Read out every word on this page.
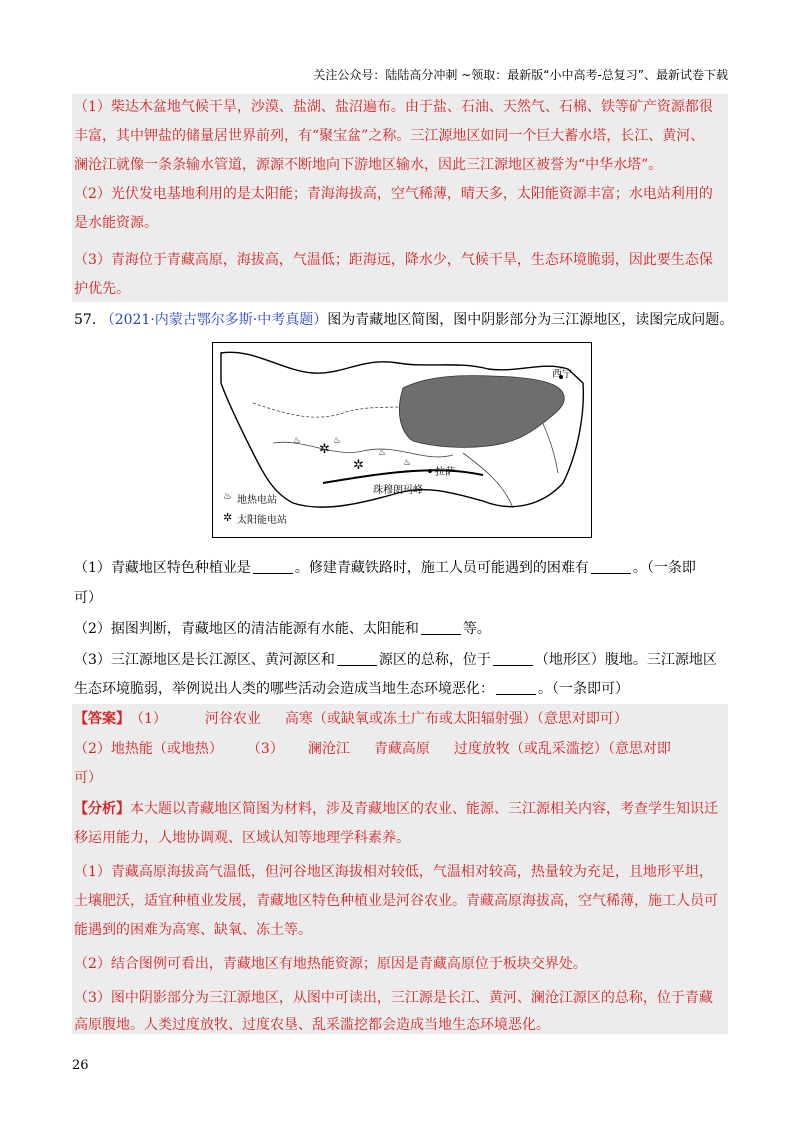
关注公众号：陆陆高分冲刺 ~领取：最新版“小中高考-总复习”、最新试卷下载
（1）柴达木盆地气候干旱，沙漠、盐湖、盐沼遍布。由于盐、石油、天然气、石棉、铁等矿产资源都很
丰富，其中钾盐的储量居世界前列，有“聚宝盆”之称。三江源地区如同一个巨大蓄水塔，长江、黄河、
澜沧江就像一条条输水管道，源源不断地向下游地区输水，因此三江源地区被誉为“中华水塔”。
（2）光伏发电基地利用的是太阳能；青海海拔高，空气稀薄，晴天多，太阳能资源丰富；水电站利用的
是水能资源。
（3）青海位于青藏高原，海拔高，气温低；距海远，降水少，气候干旱，生态环境脆弱，因此要生态保
护优先。
57. （2021·内蒙古鄂尔多斯·中考真题）图为青藏地区简图，图中阴影部分为三江源地区，读图完成问题。
✲
✲
♨	♨
♨
♨
西宁
拉萨
珠穆朗玛峰
♨ 地热电站
✲ 太阳能电站
（1）青藏地区特色种植业是	。修建青藏铁路时，施工人员可能遇到的困难有	。（一条即
可）
（2）据图判断，青藏地区的清洁能源有水能、太阳能和	等。
（3）三江源地区是长江源区、黄河源区和	源区的总称，位于	（地形区）腹地。三江源地区
生态环境脆弱，举例说出人类的哪些活动会造成当地生态环境恶化：	。（一条即可）
【答案】（1）	河谷农业 高寒（或缺氧或冻土广布或太阳辐射强）（意思对即可）
（2）地热能（或地热） （3） 澜沧江 青藏高原 过度放牧（或乱采滥挖）（意思对即
可）
【分析】本大题以青藏地区简图为材料，涉及青藏地区的农业、能源、三江源相关内容，考查学生知识迁
移运用能力，人地协调观、区域认知等地理学科素养。
（1）青藏高原海拔高气温低，但河谷地区海拔相对较低，气温相对较高，热量较为充足，且地形平坦，
土壤肥沃，适宜种植业发展，青藏地区特色种植业是河谷农业。青藏高原海拔高，空气稀薄，施工人员可
能遇到的困难为高寒、缺氧、冻土等。
（2）结合图例可看出，青藏地区有地热能资源；原因是青藏高原位于板块交界处。
（3）图中阴影部分为三江源地区，从图中可读出，三江源是长江、黄河、澜沧江源区的总称，位于青藏
高原腹地。人类过度放牧、过度农垦、乱采滥挖都会造成当地生态环境恶化。
26
